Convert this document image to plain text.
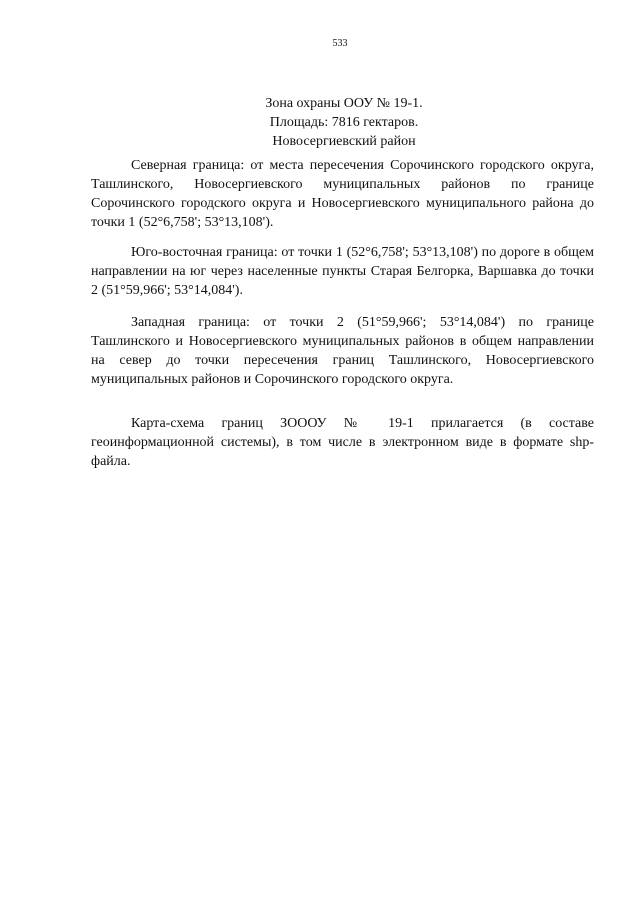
533
Зона охраны ООУ № 19-1.
Площадь: 7816 гектаров.
Новосергиевский район

Северная граница: от места пересечения Сорочинского городского округа, Ташлинского, Новосергиевского муниципальных районов по границе Сорочинского городского округа и Новосергиевского муниципального района до точки 1 (52°6,758'; 53°13,108').

Юго-восточная граница: от точки 1 (52°6,758'; 53°13,108') по дороге в общем направлении на юг через населенные пункты Старая Белгорка, Варшавка до точки 2 (51°59,966'; 53°14,084').

Западная граница: от точки 2 (51°59,966'; 53°14,084') по границе Ташлинского и Новосергиевского муниципальных районов в общем направлении на север до точки пересечения границ Ташлинского, Новосергиевского муниципальных районов и Сорочинского городского округа.

Карта-схема границ ЗОООУ № 19-1 прилагается (в составе геоинформационной системы), в том числе в электронном виде в формате shp-файла.
